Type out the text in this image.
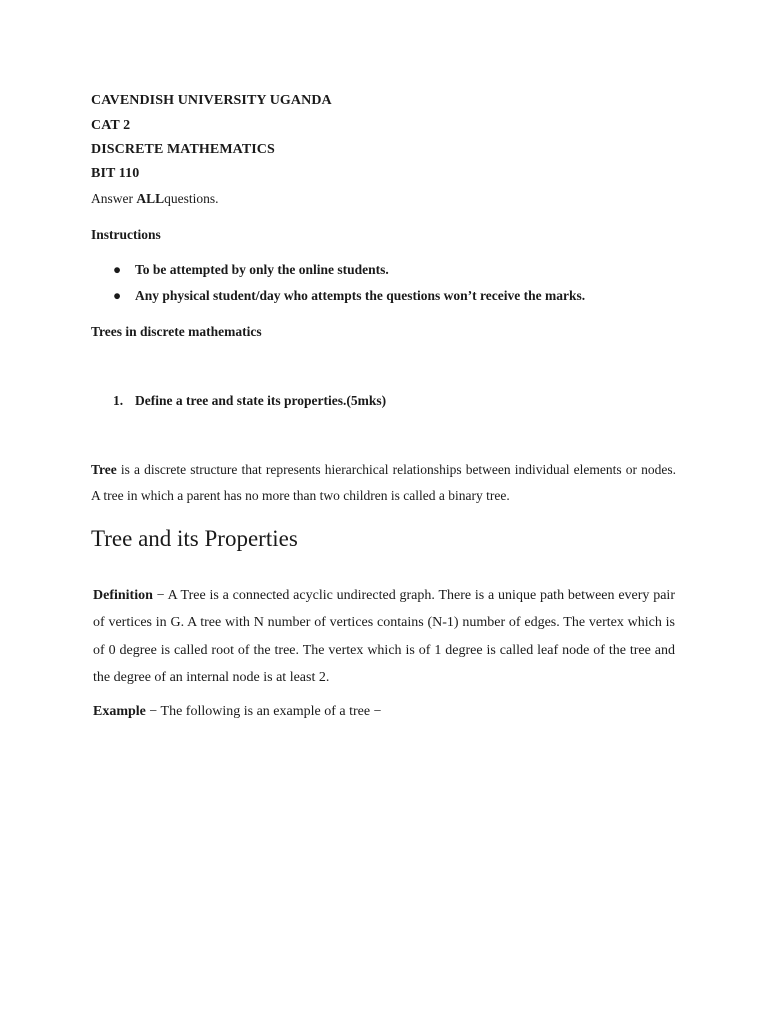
CAVENDISH UNIVERSITY UGANDA
CAT 2
DISCRETE MATHEMATICS
BIT 110
Answer ALLquestions.
Instructions
● To be attempted by only the online students.
● Any physical student/day who attempts the questions won’t receive the marks.
Trees in discrete mathematics
1. Define a tree and state its properties.(5mks)
Tree is a discrete structure that represents hierarchical relationships between individual elements or nodes. A tree in which a parent has no more than two children is called a binary tree.
Tree and its Properties
Definition − A Tree is a connected acyclic undirected graph. There is a unique path between every pair of vertices in G. A tree with N number of vertices contains (N-1) number of edges. The vertex which is of 0 degree is called root of the tree. The vertex which is of 1 degree is called leaf node of the tree and the degree of an internal node is at least 2.
Example − The following is an example of a tree −
